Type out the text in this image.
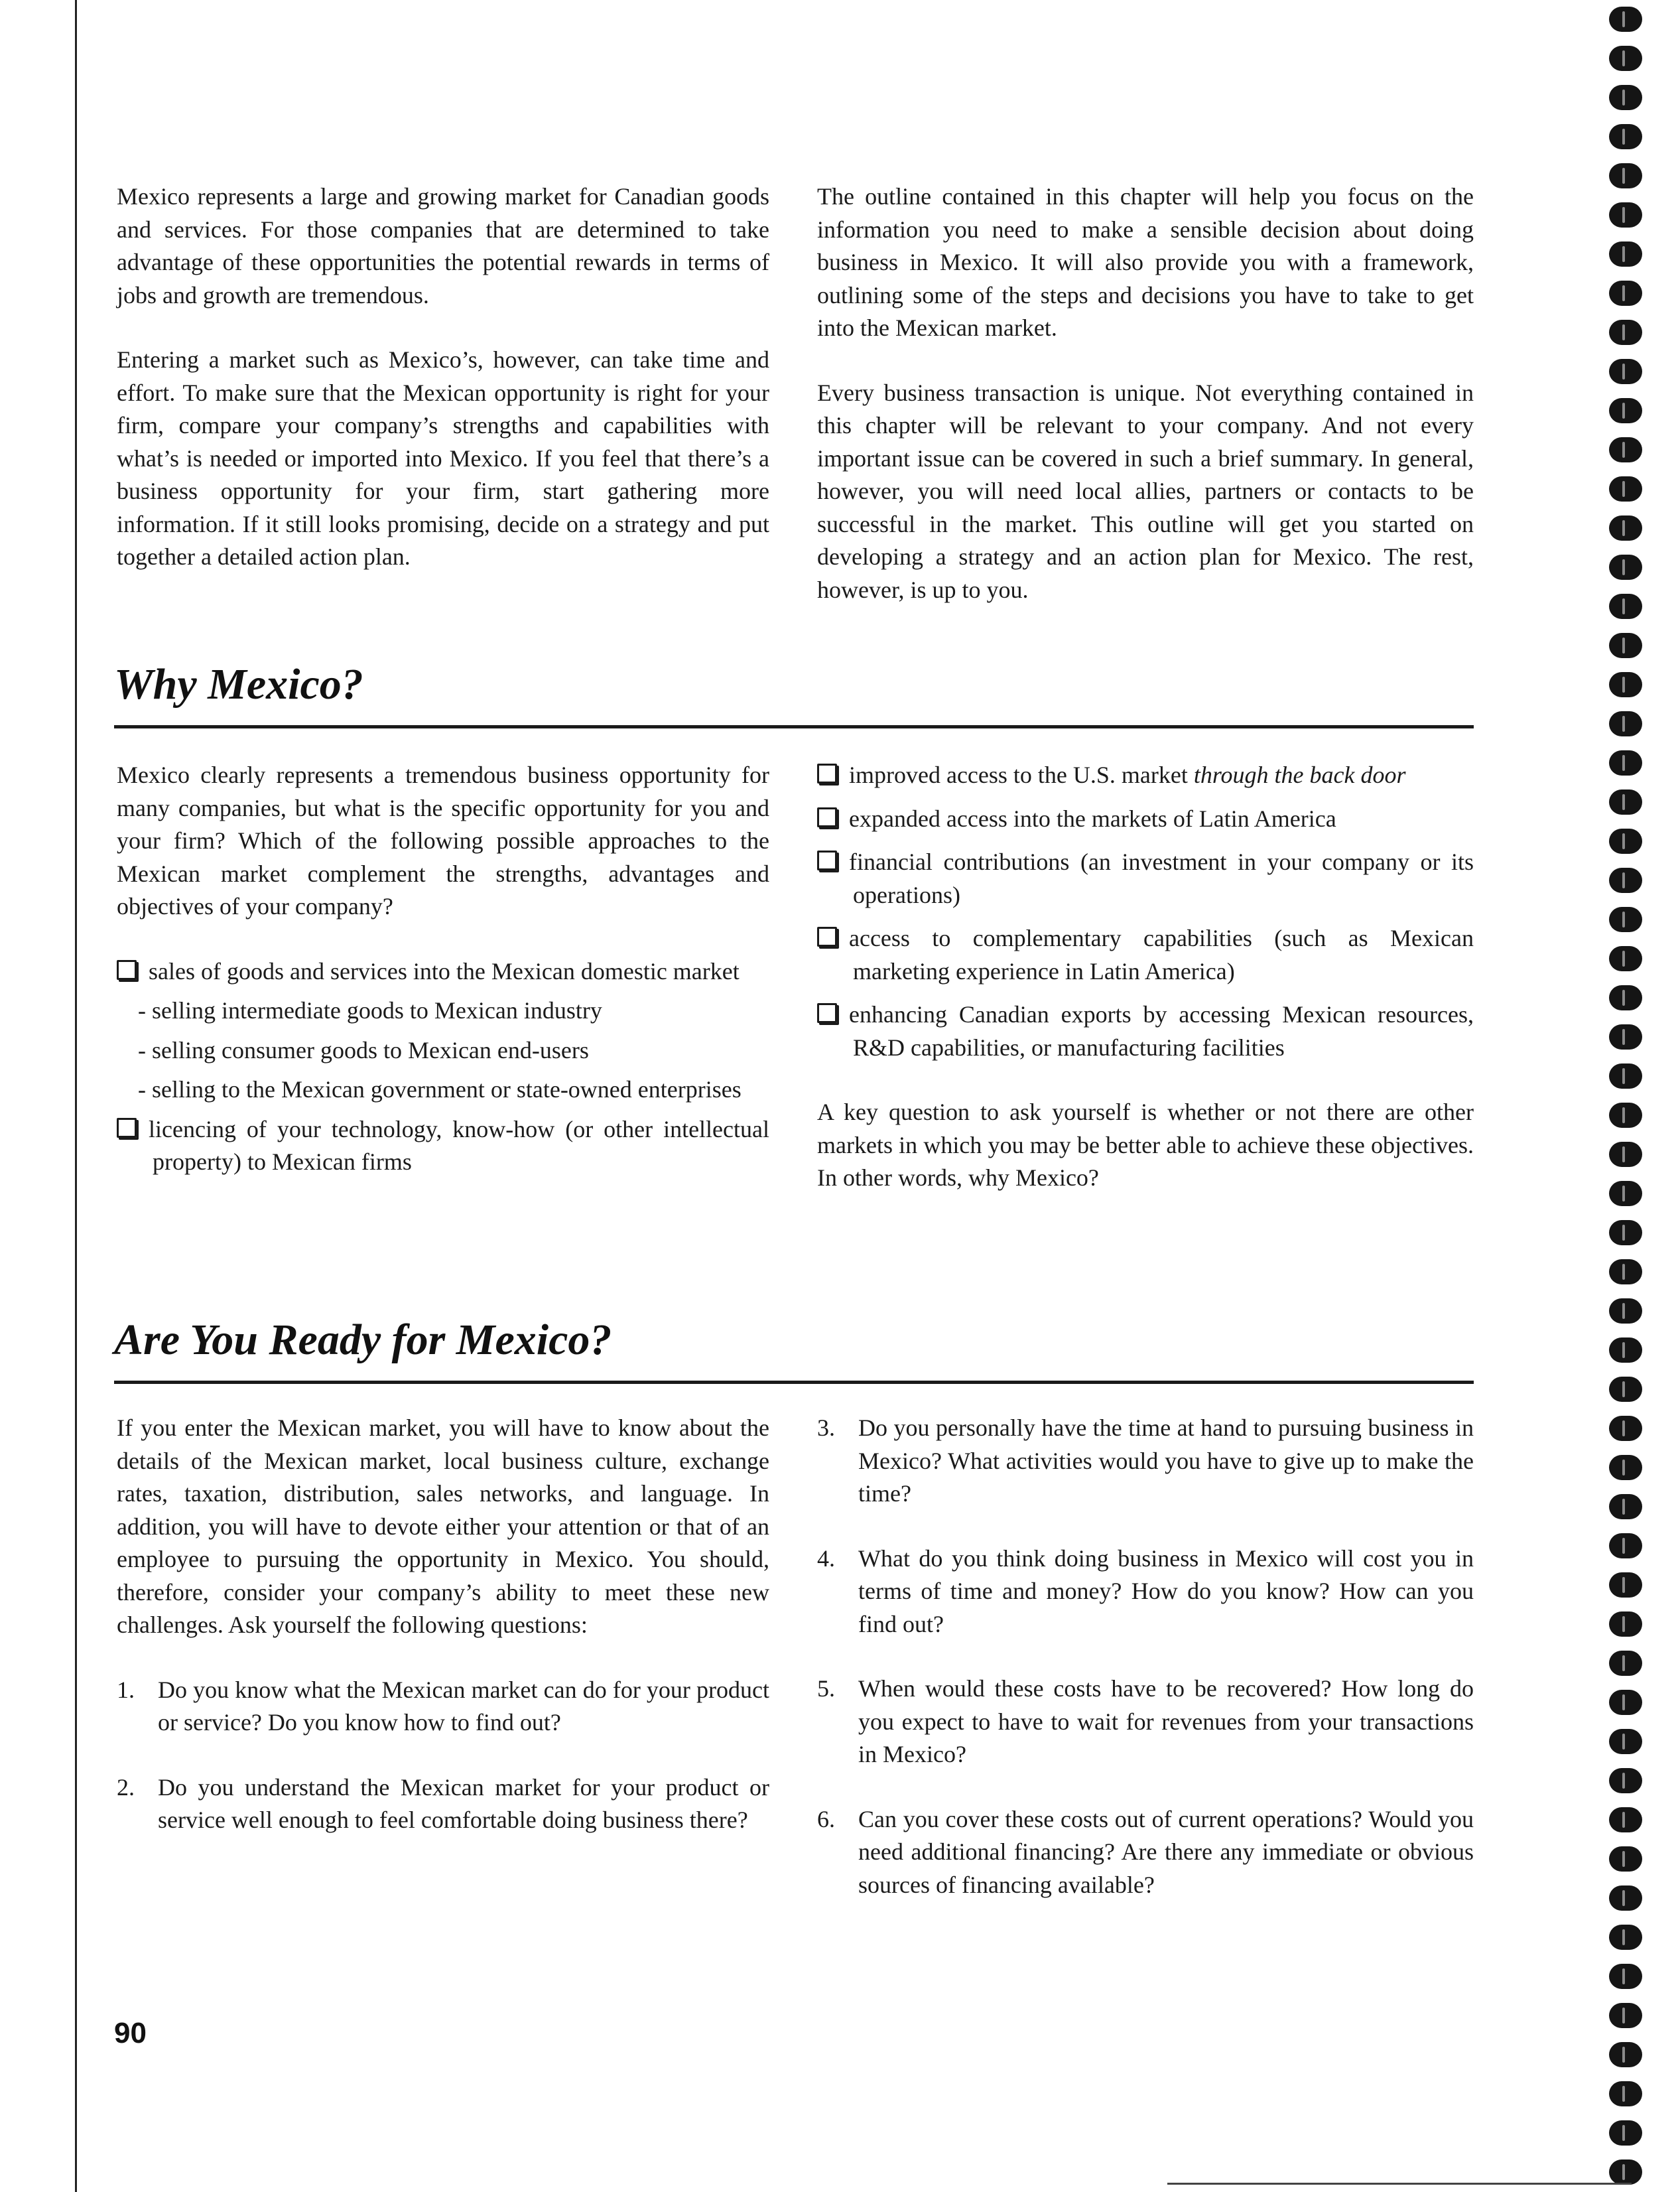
Mexico represents a large and growing market for Canadian goods and services. For those companies that are determined to take advantage of these opportunities the potential rewards in terms of jobs and growth are tremendous.

Entering a market such as Mexico’s, however, can take time and effort. To make sure that the Mexican opportunity is right for your firm, compare your company’s strengths and capabilities with what’s is needed or imported into Mexico. If you feel that there’s a business opportunity for your firm, start gathering more information. If it still looks promising, decide on a strategy and put together a detailed action plan.

The outline contained in this chapter will help you focus on the information you need to make a sensible decision about doing business in Mexico. It will also provide you with a framework, outlining some of the steps and decisions you have to take to get into the Mexican market.

Every business transaction is unique. Not everything contained in this chapter will be relevant to your company. And not every important issue can be covered in such a brief summary. In general, however, you will need local allies, partners or contacts to be successful in the market. This outline will get you started on developing a strategy and an action plan for Mexico. The rest, however, is up to you.

Why Mexico?

Mexico clearly represents a tremendous business opportunity for many companies, but what is the specific opportunity for you and your firm? Which of the following possible approaches to the Mexican market complement the strengths, advantages and objectives of your company?

sales of goods and services into the Mexican domestic market
- selling intermediate goods to Mexican industry
- selling consumer goods to Mexican end-users
- selling to the Mexican government or state-owned enterprises
licencing of your technology, know-how (or other intellectual property) to Mexican firms
improved access to the U.S. market through the back door
expanded access into the markets of Latin America
financial contributions (an investment in your company or its operations)
access to complementary capabilities (such as Mexican marketing experience in Latin America)
enhancing Canadian exports by accessing Mexican resources, R&D capabilities, or manufacturing facilities

A key question to ask yourself is whether or not there are other markets in which you may be better able to achieve these objectives. In other words, why Mexico?

Are You Ready for Mexico?

If you enter the Mexican market, you will have to know about the details of the Mexican market, local business culture, exchange rates, taxation, distribution, sales networks, and language. In addition, you will have to devote either your attention or that of an employee to pursuing the opportunity in Mexico. You should, therefore, consider your company’s ability to meet these new challenges. Ask yourself the following questions:

1. Do you know what the Mexican market can do for your product or service? Do you know how to find out?
2. Do you understand the Mexican market for your product or service well enough to feel comfortable doing business there?
3. Do you personally have the time at hand to pursuing business in Mexico? What activities would you have to give up to make the time?
4. What do you think doing business in Mexico will cost you in terms of time and money? How do you know? How can you find out?
5. When would these costs have to be recovered? How long do you expect to have to wait for revenues from your transactions in Mexico?
6. Can you cover these costs out of current operations? Would you need additional financing? Are there any immediate or obvious sources of financing available?
90
